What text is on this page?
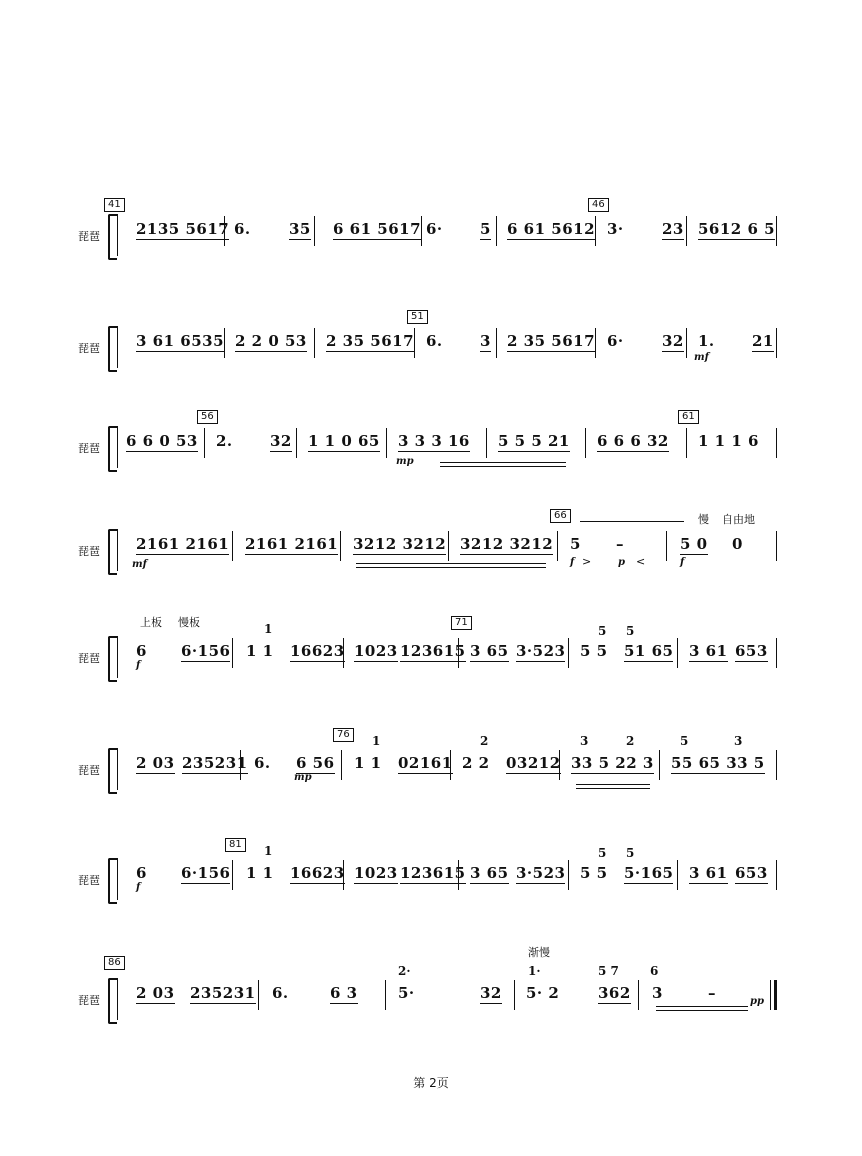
41
琵琶 2135 5617 6.	35 6 61 5617 6· 5 6 61 5612
46
3·	23 5612 6 5
琵琶 3 61 6535 2 2 0 53 2 35 5617
51
6. 3 2 35 5617 6·	32 1.
mf
21
琵琶 6 6 0 53
56
2. 32 1 1 0 65 3 3 3 16
mp
5 5 5 21 6 6 6 32
61
1 1 1 6
琵琶 2161 2161
mf
2161 2161 3212 3212 3212 3212
66
5
f >
–
p <
5 0
f
0
慢 自由地
琵琶
上板 慢板
6
f
6·156
1
1 1 16623 1023 123615
71
3 65 3·523
5 5
5 5 51 65 3 61 653
琵琶 2 03 235231 6. 6 56
mp
76	1
1 1 02161
2
2 2 03212
3	2
33 5 22 3
5	3
55 65 33 5
琵琶 6
f
6·156
81	1
1 1 16623 1023 123615 3 65 3·523
5 5
5 5 5·165 3 61 653
86
琵琶 2 03 235231 6.	6 3
2·
5·	32
渐慢
1·
5· 2
5 7
362
6
3	–	pp
第 2页
